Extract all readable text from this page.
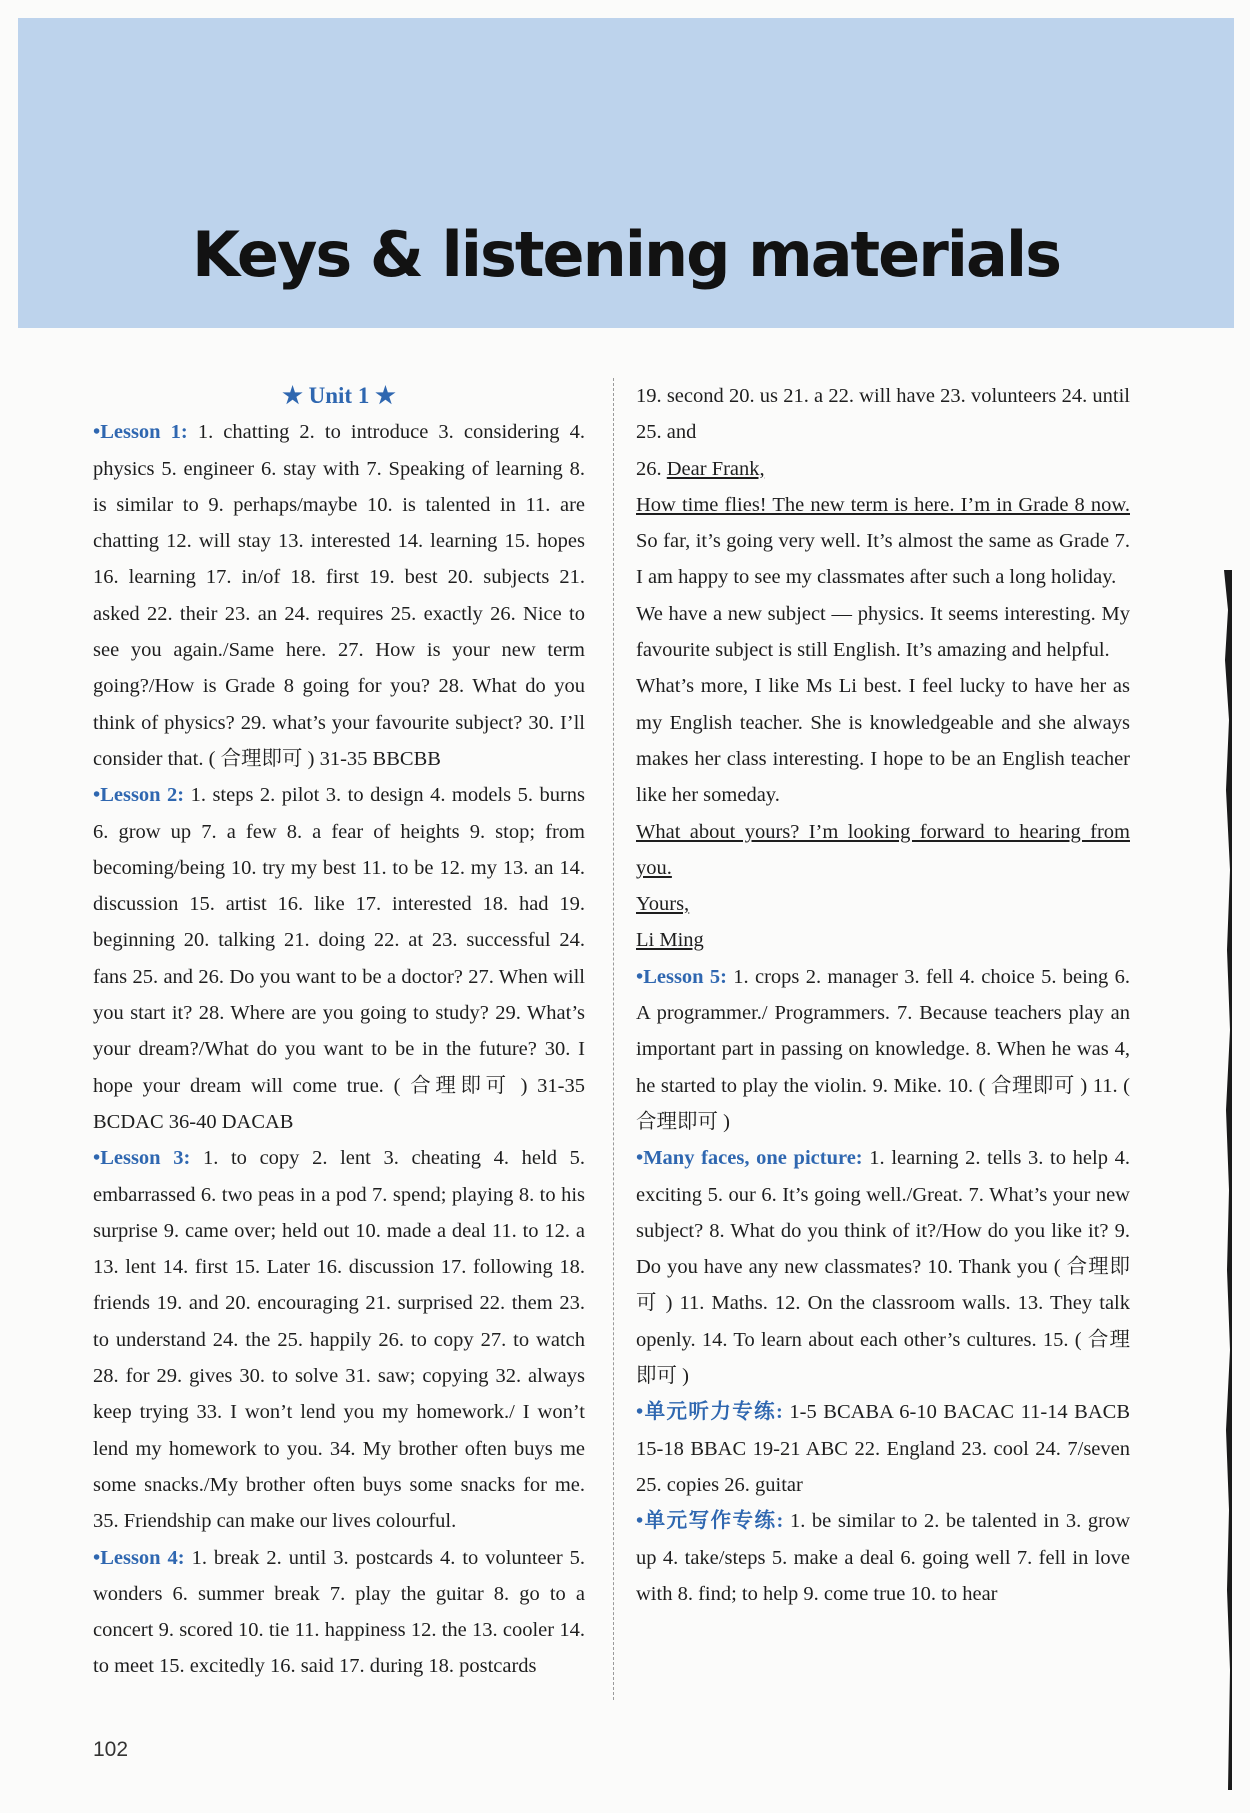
Keys & listening materials

★ Unit 1 ★

•Lesson 1: 1. chatting 2. to introduce 3. considering 4. physics 5. engineer 6. stay with 7. Speaking of learning 8. is similar to 9. perhaps/maybe 10. is talented in 11. are chatting 12. will stay 13. interested 14. learning 15. hopes 16. learning 17. in/of 18. first 19. best 20. subjects 21. asked 22. their 23. an 24. requires 25. exactly 26. Nice to see you again./Same here. 27. How is your new term going?/How is Grade 8 going for you? 28. What do you think of physics? 29. what’s your favourite subject? 30. I’ll consider that. ( 合理即可 ) 31-35 BBCBB

•Lesson 2: 1. steps 2. pilot 3. to design 4. models 5. burns 6. grow up 7. a few 8. a fear of heights 9. stop; from becoming/being 10. try my best 11. to be 12. my 13. an 14. discussion 15. artist 16. like 17. interested 18. had 19. beginning 20. talking 21. doing 22. at 23. successful 24. fans 25. and 26. Do you want to be a doctor? 27. When will you start it? 28. Where are you going to study? 29. What’s your dream?/What do you want to be in the future? 30. I hope your dream will come true. ( 合理即可 ) 31-35 BCDAC 36-40 DACAB

•Lesson 3: 1. to copy 2. lent 3. cheating 4. held 5. embarrassed 6. two peas in a pod 7. spend; playing 8. to his surprise 9. came over; held out 10. made a deal 11. to 12. a 13. lent 14. first 15. Later 16. discussion 17. following 18. friends 19. and 20. encouraging 21. surprised 22. them 23. to understand 24. the 25. happily 26. to copy 27. to watch 28. for 29. gives 30. to solve 31. saw; copying 32. always keep trying 33. I won’t lend you my homework./ I won’t lend my homework to you. 34. My brother often buys me some snacks./My brother often buys some snacks for me. 35. Friendship can make our lives colourful.

•Lesson 4: 1. break 2. until 3. postcards 4. to volunteer 5. wonders 6. summer break 7. play the guitar 8. go to a concert 9. scored 10. tie 11. happiness 12. the 13. cooler 14. to meet 15. excitedly 16. said 17. during 18. postcards

19. second 20. us 21. a 22. will have 23. volunteers 24. until 25. and

26. Dear Frank,

How time flies! The new term is here. I’m in Grade 8 now. So far, it’s going very well. It’s almost the same as Grade 7. I am happy to see my classmates after such a long holiday.

We have a new subject — physics. It seems interesting. My favourite subject is still English. It’s amazing and helpful.

What’s more, I like Ms Li best. I feel lucky to have her as my English teacher. She is knowledgeable and she always makes her class interesting. I hope to be an English teacher like her someday.

What about yours? I’m looking forward to hearing from you.

Yours,

Li Ming

•Lesson 5: 1. crops 2. manager 3. fell 4. choice 5. being 6. A programmer./ Programmers. 7. Because teachers play an important part in passing on knowledge. 8. When he was 4, he started to play the violin. 9. Mike. 10. ( 合理即可 ) 11. ( 合理即可 )

•Many faces, one picture: 1. learning 2. tells 3. to help 4. exciting 5. our 6. It’s going well./Great. 7. What’s your new subject? 8. What do you think of it?/How do you like it? 9. Do you have any new classmates? 10. Thank you ( 合理即可 ) 11. Maths. 12. On the classroom walls. 13. They talk openly. 14. To learn about each other’s cultures. 15. ( 合理即可 )

•单元听力专练: 1-5 BCABA 6-10 BACAC 11-14 BACB 15-18 BBAC 19-21 ABC 22. England 23. cool 24. 7/seven 25. copies 26. guitar

•单元写作专练: 1. be similar to 2. be talented in 3. grow up 4. take/steps 5. make a deal 6. going well 7. fell in love with 8. find; to help 9. come true 10. to hear

102
